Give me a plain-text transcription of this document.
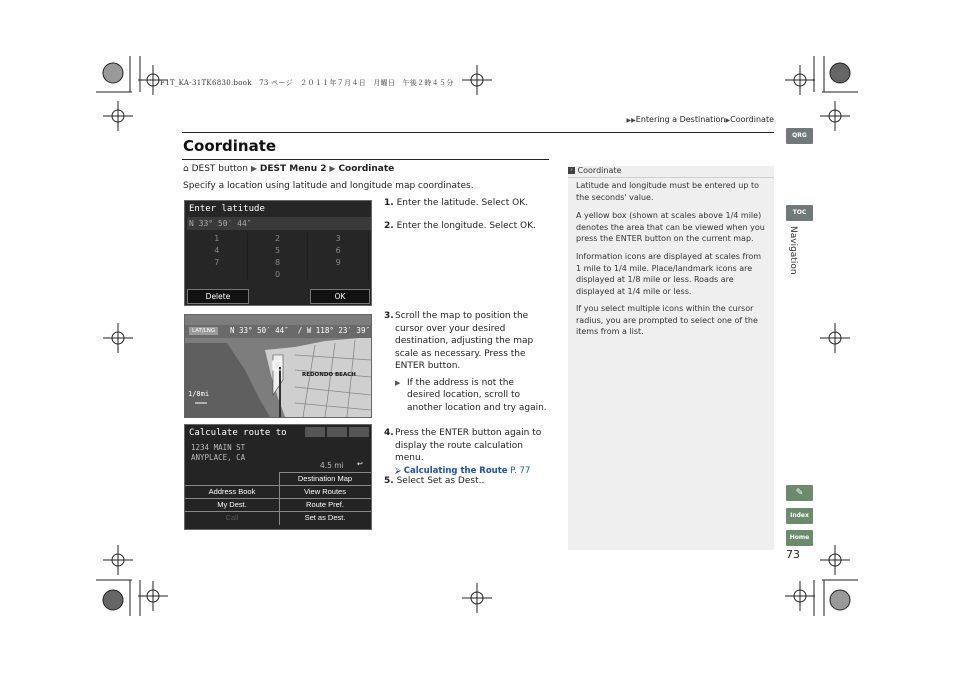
F1T_KA-31TK6830.book　73 ページ　２０１１年７月４日　月曜日　午後２時４５分
▶▶Entering a Destination▶Coordinate
Coordinate
⌂ DEST button ▶ DEST Menu 2 ▶ Coordinate
Specify a location using latitude and longitude map coordinates.
Enter latitude
N 33° 50′ 44″
1	2	3
4	5	6
7	8	9
0
Delete	OK
LAT/LNG	N 33° 50′ 44″  / W 118° 23′ 39″
REDONDO BEACH
1/8mi
Calculate route to
1234 MAIN ST
ANYPLACE, CA
4.5 mi ↩
Destination Map
Address Book	View Routes
My Dest.	Route Pref.
Call	Set as Dest.
1. Enter the latitude. Select OK.
2. Enter the longitude. Select OK.
3. Scroll the map to position the cursor over your desired destination, adjusting the map scale as necessary. Press the ENTER button.
▶ If the address is not the desired location, scroll to another location and try again.
4. Press the ENTER button again to display the route calculation menu.
⮚ Calculating the Route P. 77
5. Select Set as Dest..
› Coordinate
Latitude and longitude must be entered up to the seconds' value.
A yellow box (shown at scales above 1/4 mile) denotes the area that can be viewed when you press the ENTER button on the current map.
Information icons are displayed at scales from 1 mile to 1/4 mile. Place/landmark icons are displayed at 1/8 mile or less. Roads are displayed at 1/4 mile or less.
If you select multiple icons within the cursor radius, you are prompted to select one of the items from a list.
QRG
TOC
Navigation
✎
Index
Home
73
